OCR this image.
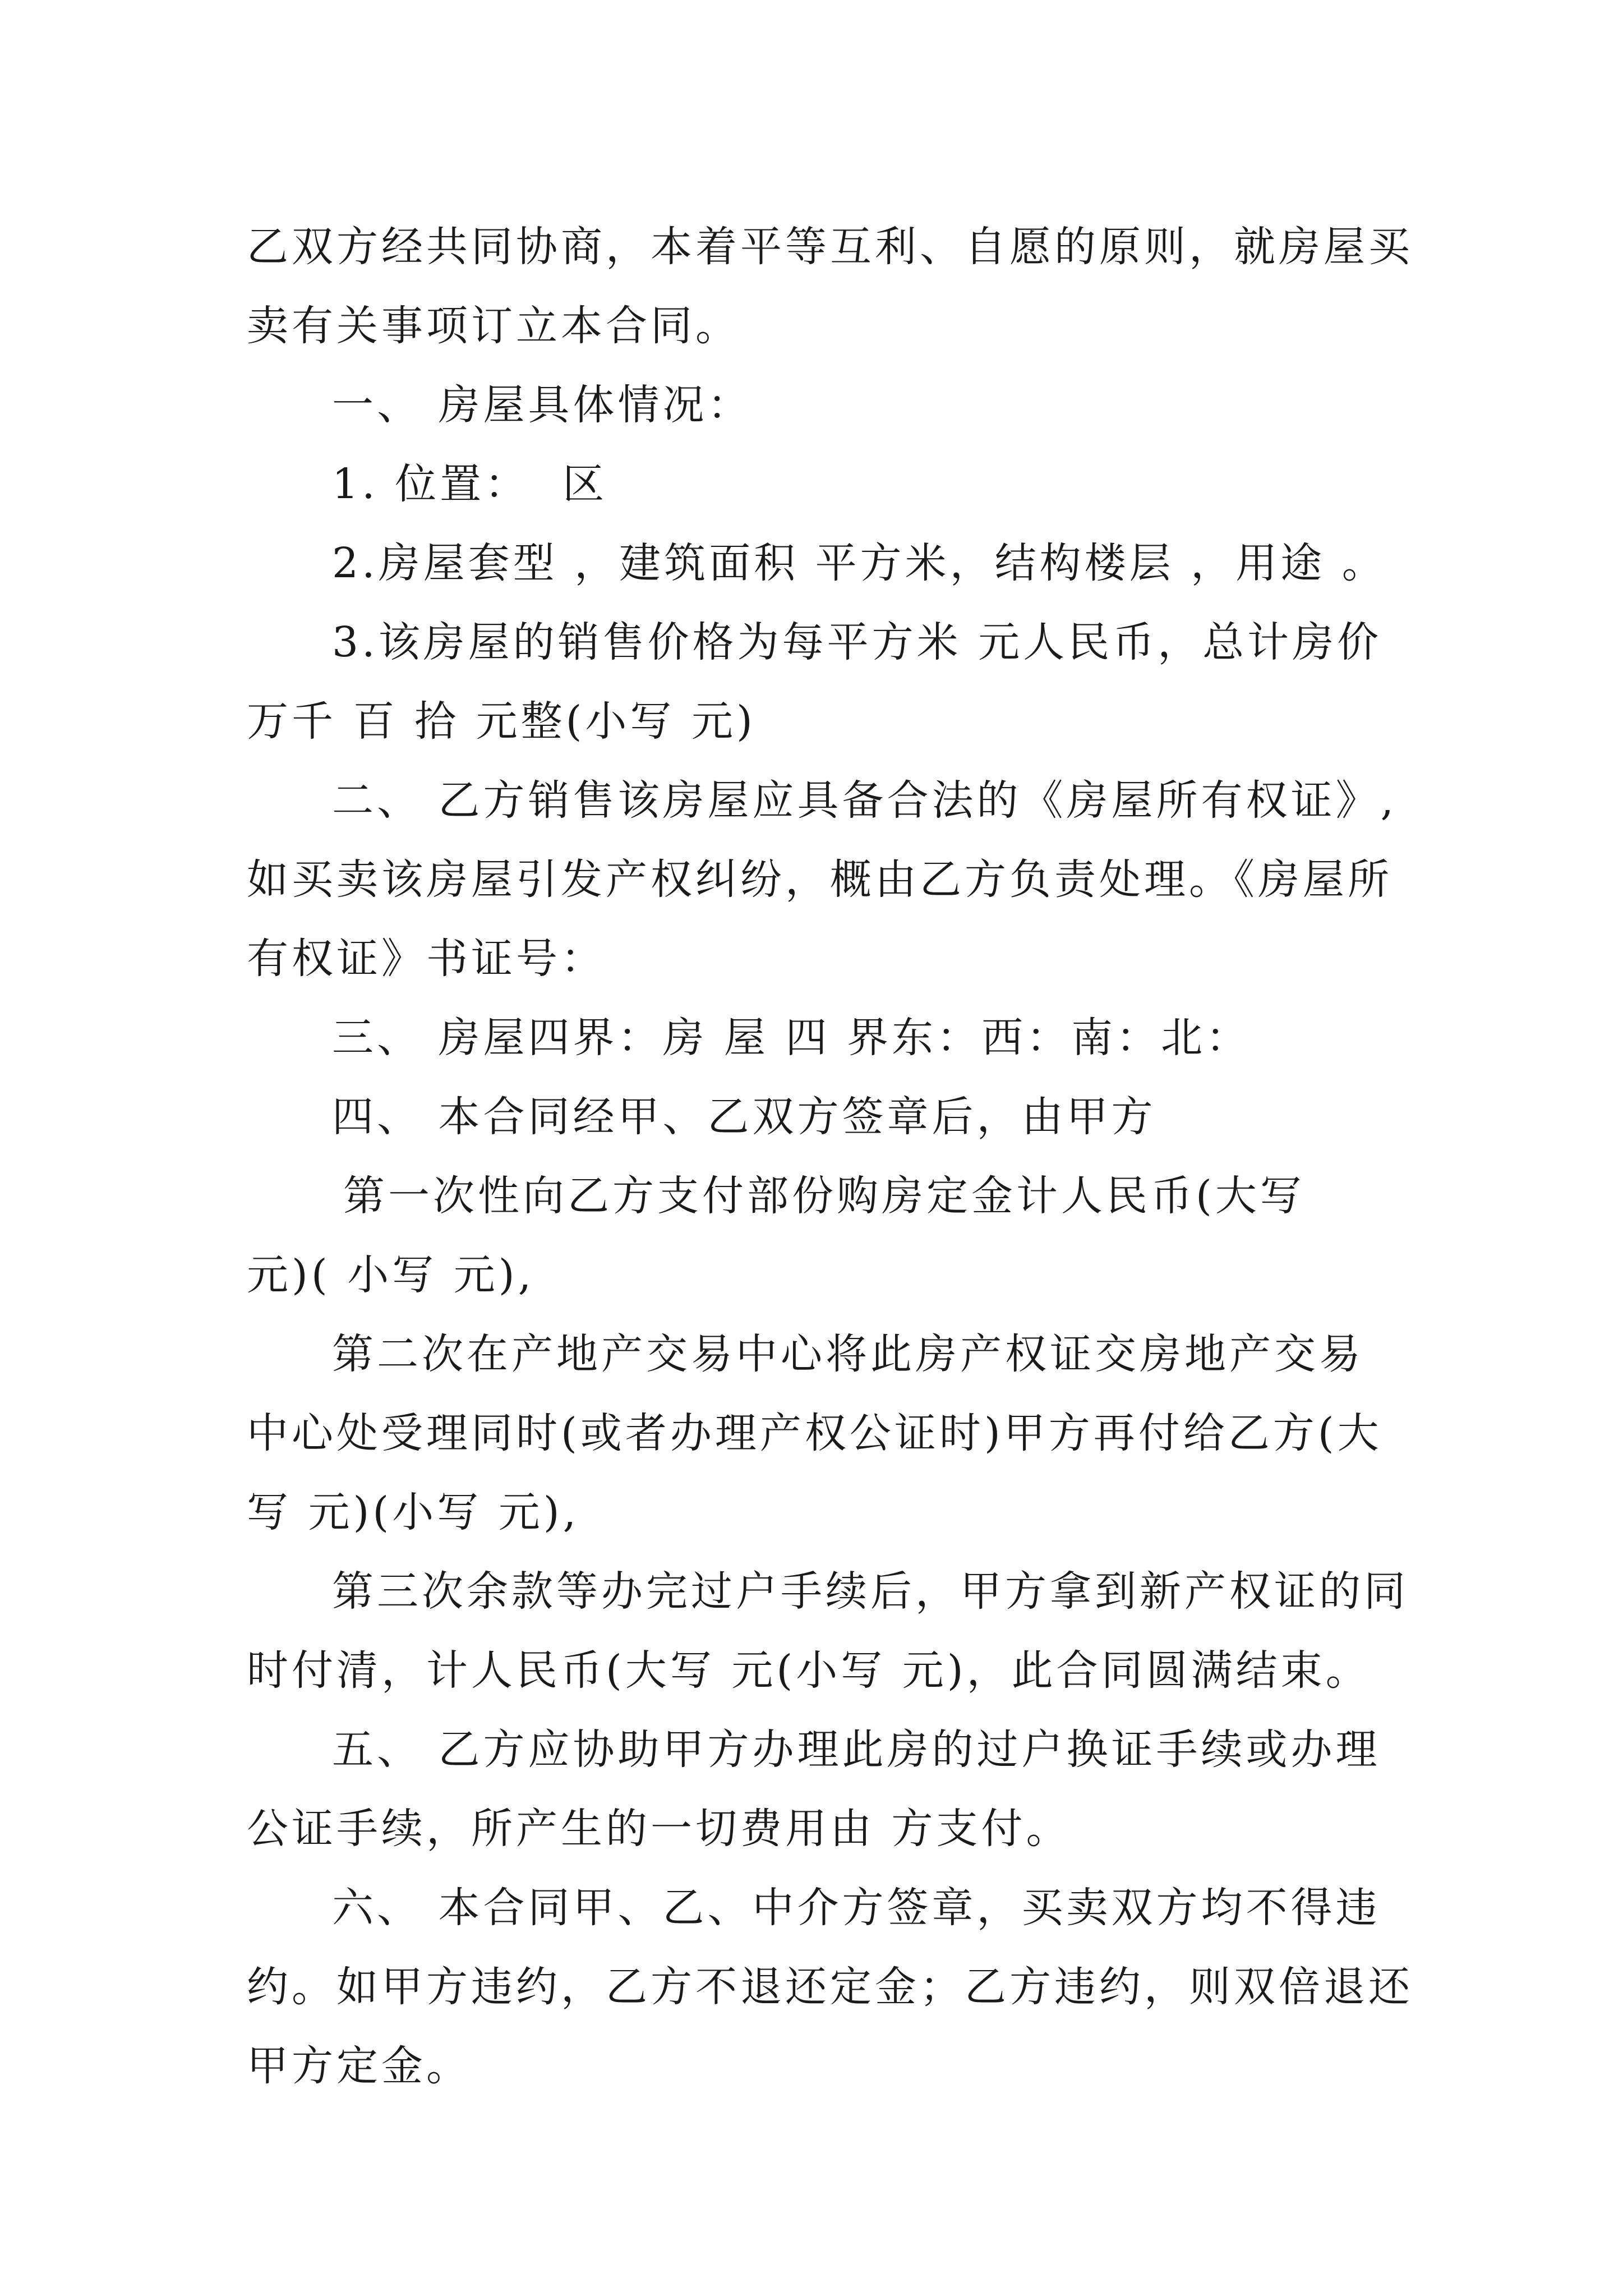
乙双方经共同协商，本着平等互利、自愿的原则，就房屋买
卖有关事项订立本合同。
一、 房屋具体情况：
1. 位置：  区
2.房屋套型 ，建筑面积 平方米，结构楼层 ，用途 。
3.该房屋的销售价格为每平方米 元人民币，总计房价
万千 百 拾 元整(小写 元)
二、 乙方销售该房屋应具备合法的《房屋所有权证》,
如买卖该房屋引发产权纠纷，概由乙方负责处理。《房屋所
有权证》书证号：
三、 房屋四界：房 屋 四 界东：西：南：北：
四、 本合同经甲、乙双方签章后，由甲方
第一次性向乙方支付部份购房定金计人民币(大写
元)( 小写 元),
第二次在产地产交易中心将此房产权证交房地产交易
中心处受理同时(或者办理产权公证时)甲方再付给乙方(大
写 元)(小写 元),
第三次余款等办完过户手续后，甲方拿到新产权证的同
时付清，计人民币(大写 元(小写 元)，此合同圆满结束。
五、 乙方应协助甲方办理此房的过户换证手续或办理
公证手续，所产生的一切费用由 方支付。
六、 本合同甲、乙、中介方签章，买卖双方均不得违
约。如甲方违约，乙方不退还定金；乙方违约，则双倍退还
甲方定金。
